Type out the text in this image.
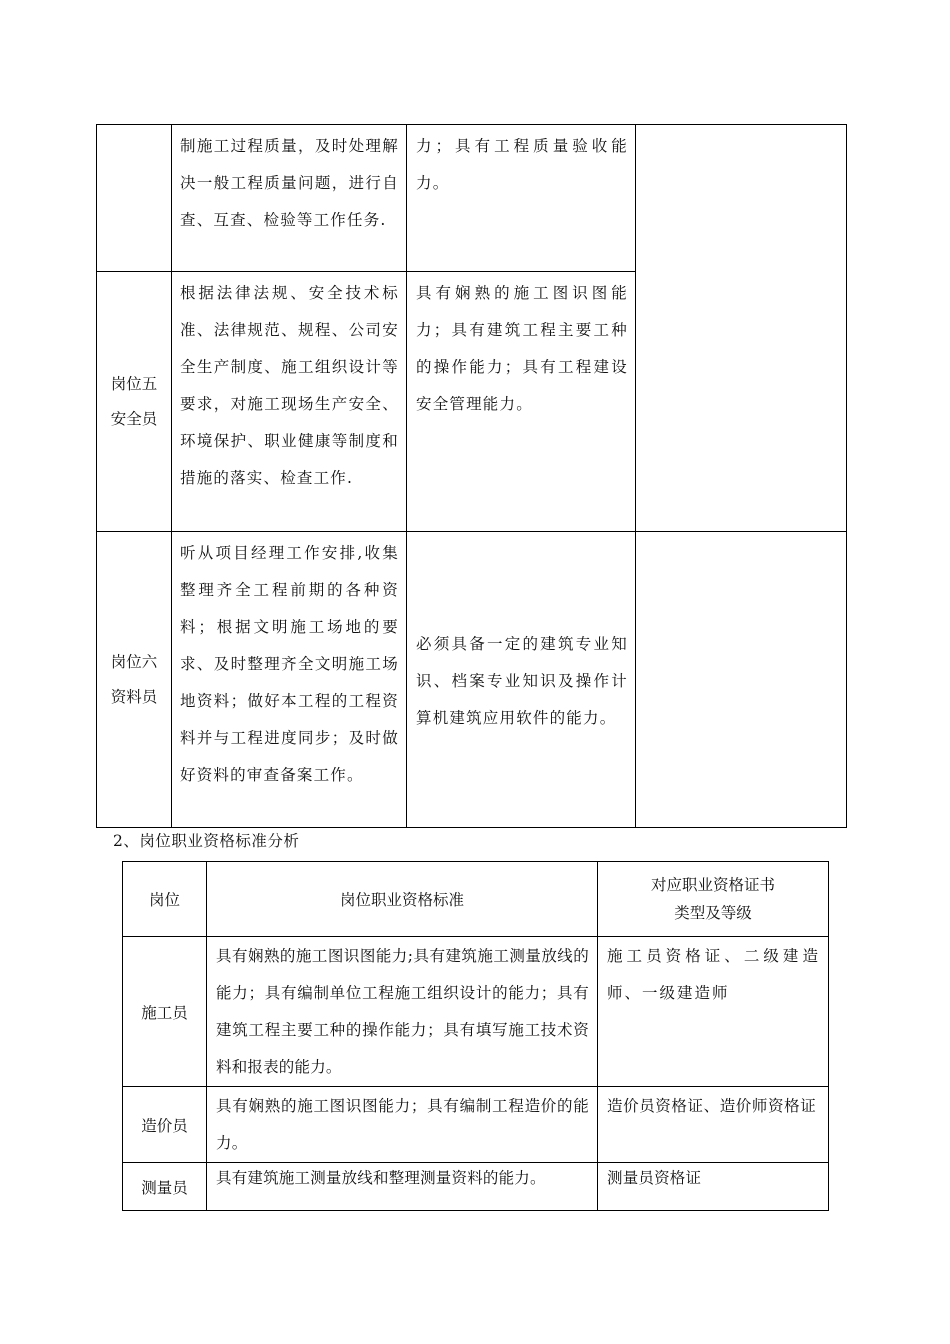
	制施工过程质量，及时处理解决一般工程质量问题，进行自查、互查、检验等工作任务.	力；具有工程质量验收能力。	

岗位五
安全员	根据法律法规、安全技术标准、法律规范、规程、公司安全生产制度、施工组织设计等要求，对施工现场生产安全、环境保护、职业健康等制度和措施的落实、检查工作.	具有娴熟的施工图识图能力；具有建筑工程主要工种的操作能力；具有工程建设安全管理能力。	

岗位六
资料员	听从项目经理工作安排,收集整理齐全工程前期的各种资料；根据文明施工场地的要求、及时整理齐全文明施工场地资料；做好本工程的工程资料并与工程进度同步；及时做好资料的审查备案工作。	必须具备一定的建筑专业知识、档案专业知识及操作计算机建筑应用软件的能力。	

2、岗位职业资格标准分析
岗位	岗位职业资格标准	对应职业资格证书
类型及等级

施工员	具有娴熟的施工图识图能力;具有建筑施工测量放线的能力；具有编制单位工程施工组织设计的能力；具有建筑工程主要工种的操作能力；具有填写施工技术资料和报表的能力。	施工员资格证、二级建造师、一级建造师

造价员	具有娴熟的施工图识图能力；具有编制工程造价的能力。	造价员资格证、造价师资格证

测量员	具有建筑施工测量放线和整理测量资料的能力。	测量员资格证
